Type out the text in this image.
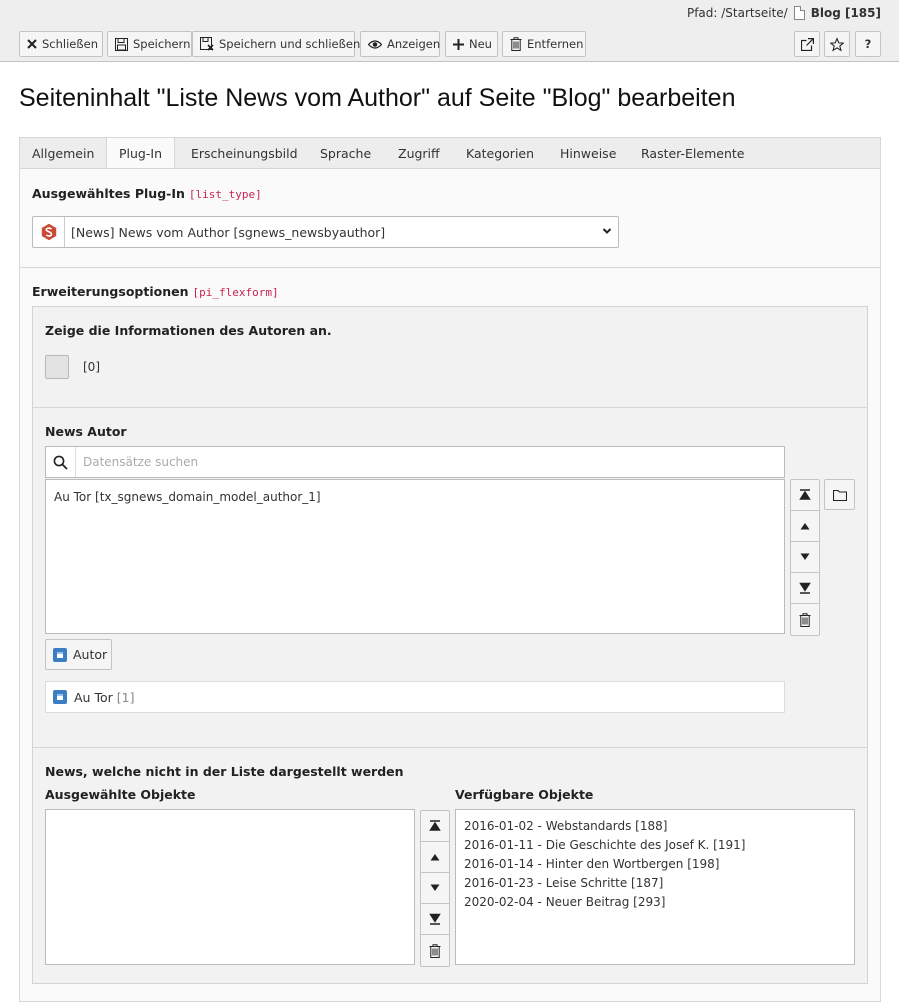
Pfad: /Startseite/ Blog [185]
Schließen	Speichern Speichern und schließen Anzeigen	Neu	Entfernen	?
Seiteninhalt "Liste News vom Author" auf Seite "Blog" bearbeiten
Allgemein Plug-In Erscheinungsbild Sprache Zugriff Kategorien Hinweise Raster-Elemente
Ausgewähltes Plug-In [list_type]
[News] News vom Author [sgnews_newsbyauthor]
Erweiterungsoptionen [pi_flexform]
Zeige die Informationen des Autoren an.
[0]
News Autor
Datensätze suchen
Au Tor [tx_sgnews_domain_model_author_1]
Autor
Au Tor [1]
News, welche nicht in der Liste dargestellt werden
Ausgewählte Objekte	Verfügbare Objekte
2016-01-02 - Webstandards [188]
2016-01-11 - Die Geschichte des Josef K. [191]
2016-01-14 - Hinter den Wortbergen [198]
2016-01-23 - Leise Schritte [187]
2020-02-04 - Neuer Beitrag [293]
